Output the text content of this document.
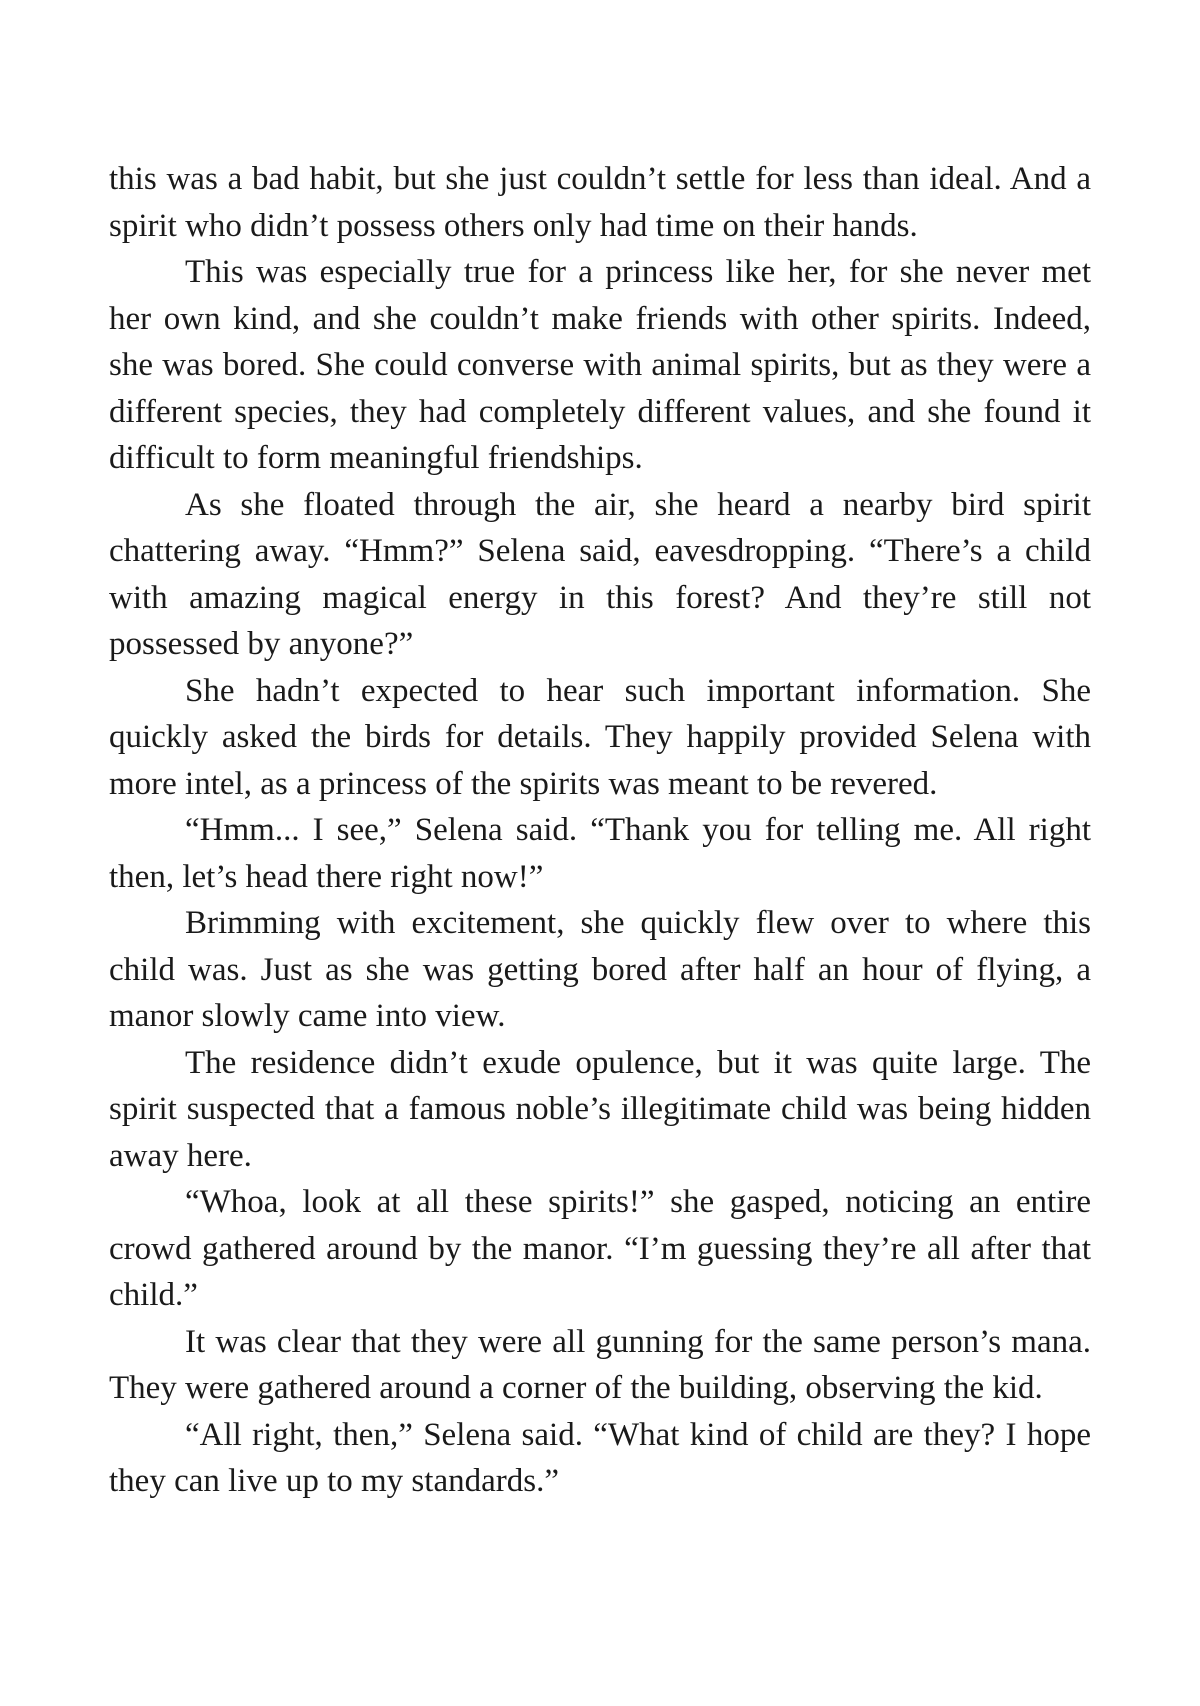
this was a bad habit, but she just couldn’t settle for less than ideal. And a spirit who didn’t possess others only had time on their hands.

This was especially true for a princess like her, for she never met her own kind, and she couldn’t make friends with other spirits. Indeed, she was bored. She could converse with animal spirits, but as they were a different species, they had completely different values, and she found it difficult to form meaningful friendships.

As she floated through the air, she heard a nearby bird spirit chattering away. “Hmm?” Selena said, eavesdropping. “There’s a child with amazing magical energy in this forest? And they’re still not possessed by anyone?”

She hadn’t expected to hear such important information. She quickly asked the birds for details. They happily provided Selena with more intel, as a princess of the spirits was meant to be revered.

“Hmm... I see,” Selena said. “Thank you for telling me. All right then, let’s head there right now!”

Brimming with excitement, she quickly flew over to where this child was. Just as she was getting bored after half an hour of flying, a manor slowly came into view.

The residence didn’t exude opulence, but it was quite large. The spirit suspected that a famous noble’s illegitimate child was being hidden away here.

“Whoa, look at all these spirits!” she gasped, noticing an entire crowd gathered around by the manor. “I’m guessing they’re all after that child.”

It was clear that they were all gunning for the same person’s mana. They were gathered around a corner of the building, observing the kid.

“All right, then,” Selena said. “What kind of child are they? I hope they can live up to my standards.”
